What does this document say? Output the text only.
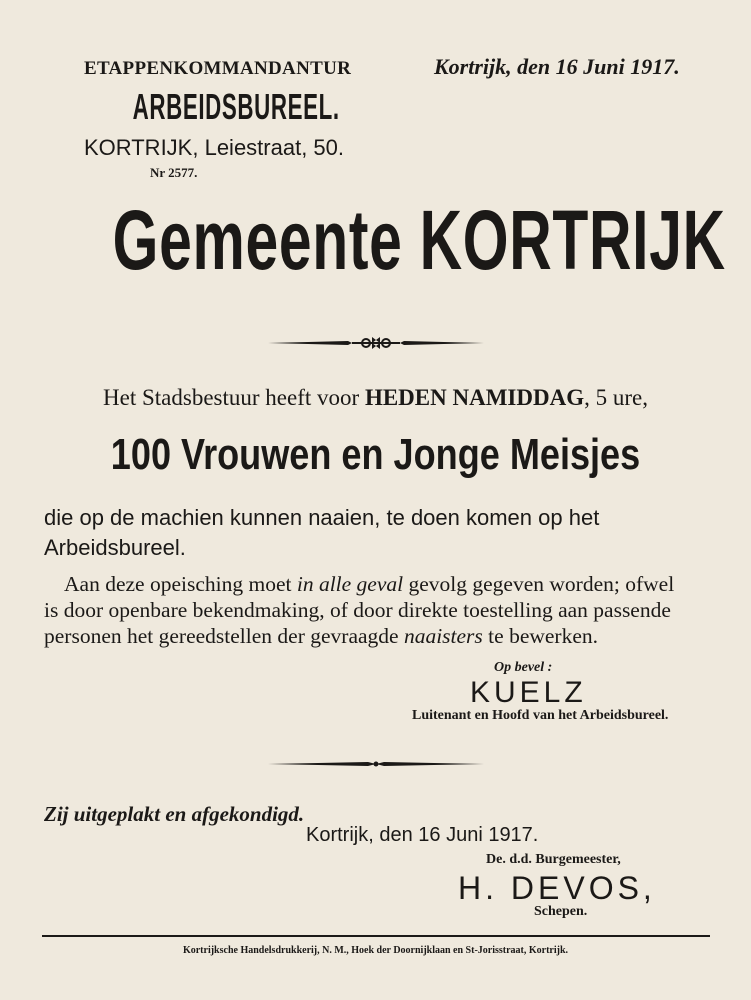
ETAPPENKOMMANDANTUR
ARBEIDSBUREEL.
KORTRIJK, Leiestraat, 50.
Nr 2577.
Kortrijk, den 16 Juni 1917.
Gemeente KORTRIJK
Het Stadsbestuur heeft voor HEDEN NAMIDDAG, 5 ure,
100 Vrouwen en Jonge Meisjes
die op de machien kunnen naaien, te doen komen op het
Arbeidsbureel.
Aan deze opeisching moet in alle geval gevolg gegeven worden; ofwel
is door openbare bekendmaking, of door direkte toestelling aan passende
personen het gereedstellen der gevraagde naaisters te bewerken.
Op bevel :
KUELZ
Luitenant en Hoofd van het Arbeidsbureel.
Zij uitgeplakt en afgekondigd.
Kortrijk, den 16 Juni 1917.
De. d.d. Burgemeester,
H. DEVOS,
Schepen.
Kortrijksche Handelsdrukkerij, N. M., Hoek der Doornijklaan en St-Jorisstraat, Kortrijk.
